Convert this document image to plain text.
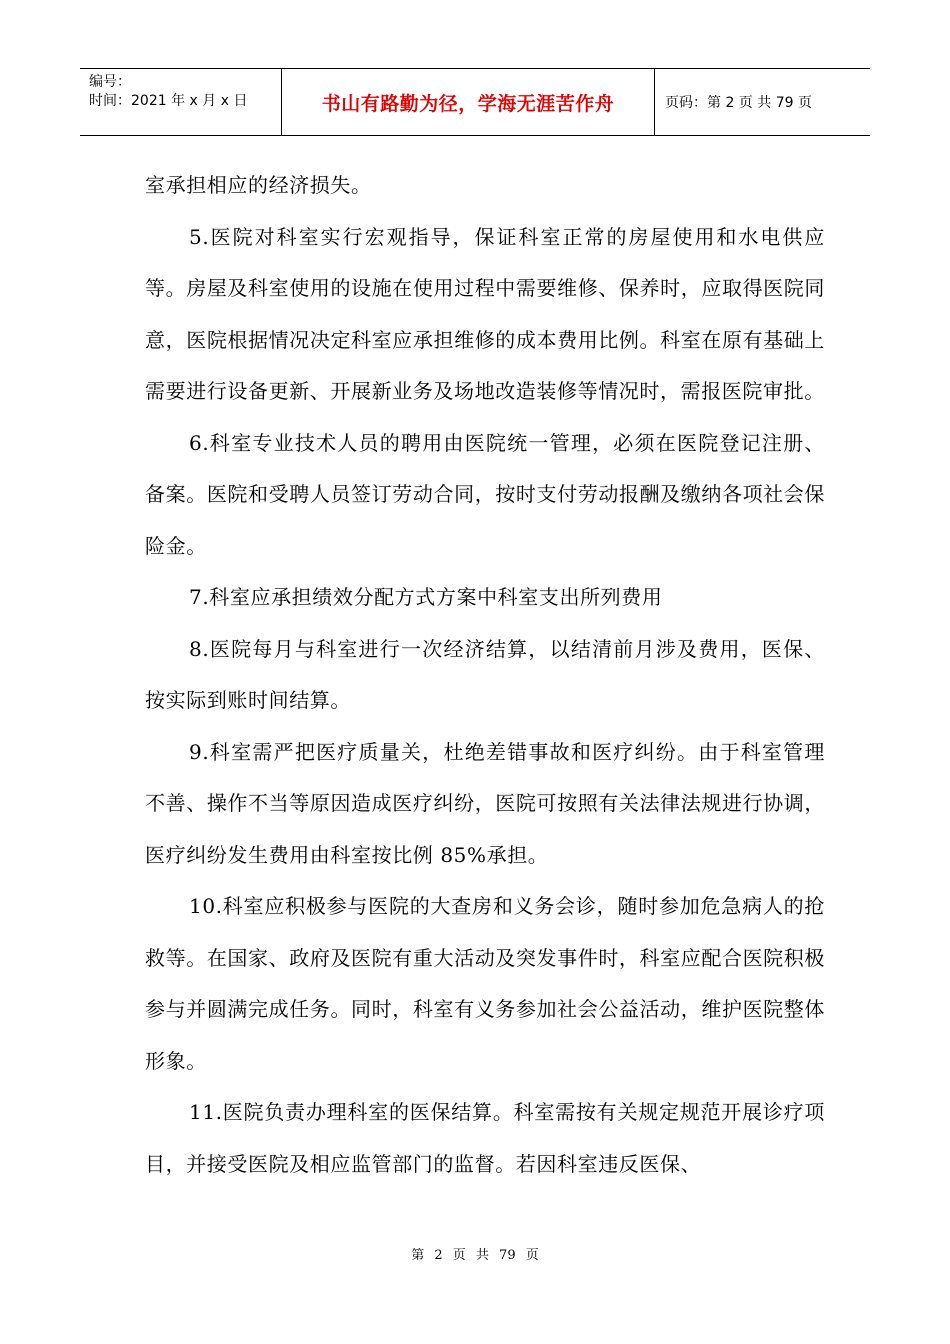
编号：
时间：2021 年 x 月 x 日	书山有路勤为径，学海无涯苦作舟	页码：第 2 页 共 79 页

室承担相应的经济损失。

5.医院对科室实行宏观指导，保证科室正常的房屋使用和水电供应等。房屋及科室使用的设施在使用过程中需要维修、保养时，应取得医院同意，医院根据情况决定科室应承担维修的成本费用比例。科室在原有基础上需要进行设备更新、开展新业务及场地改造装修等情况时，需报医院审批。

6.科室专业技术人员的聘用由医院统一管理，必须在医院登记注册、备案。医院和受聘人员签订劳动合同，按时支付劳动报酬及缴纳各项社会保险金。

7.科室应承担绩效分配方式方案中科室支出所列费用

8.医院每月与科室进行一次经济结算，以结清前月涉及费用，医保、按实际到账时间结算。

9.科室需严把医疗质量关，杜绝差错事故和医疗纠纷。由于科室管理不善、操作不当等原因造成医疗纠纷，医院可按照有关法律法规进行协调，医疗纠纷发生费用由科室按比例 85%承担。

10.科室应积极参与医院的大查房和义务会诊，随时参加危急病人的抢救等。在国家、政府及医院有重大活动及突发事件时，科室应配合医院积极参与并圆满完成任务。同时，科室有义务参加社会公益活动，维护医院整体形象。

11.医院负责办理科室的医保结算。科室需按有关规定规范开展诊疗项目，并接受医院及相应监管部门的监督。若因科室违反医保、

第 2 页 共 79 页
